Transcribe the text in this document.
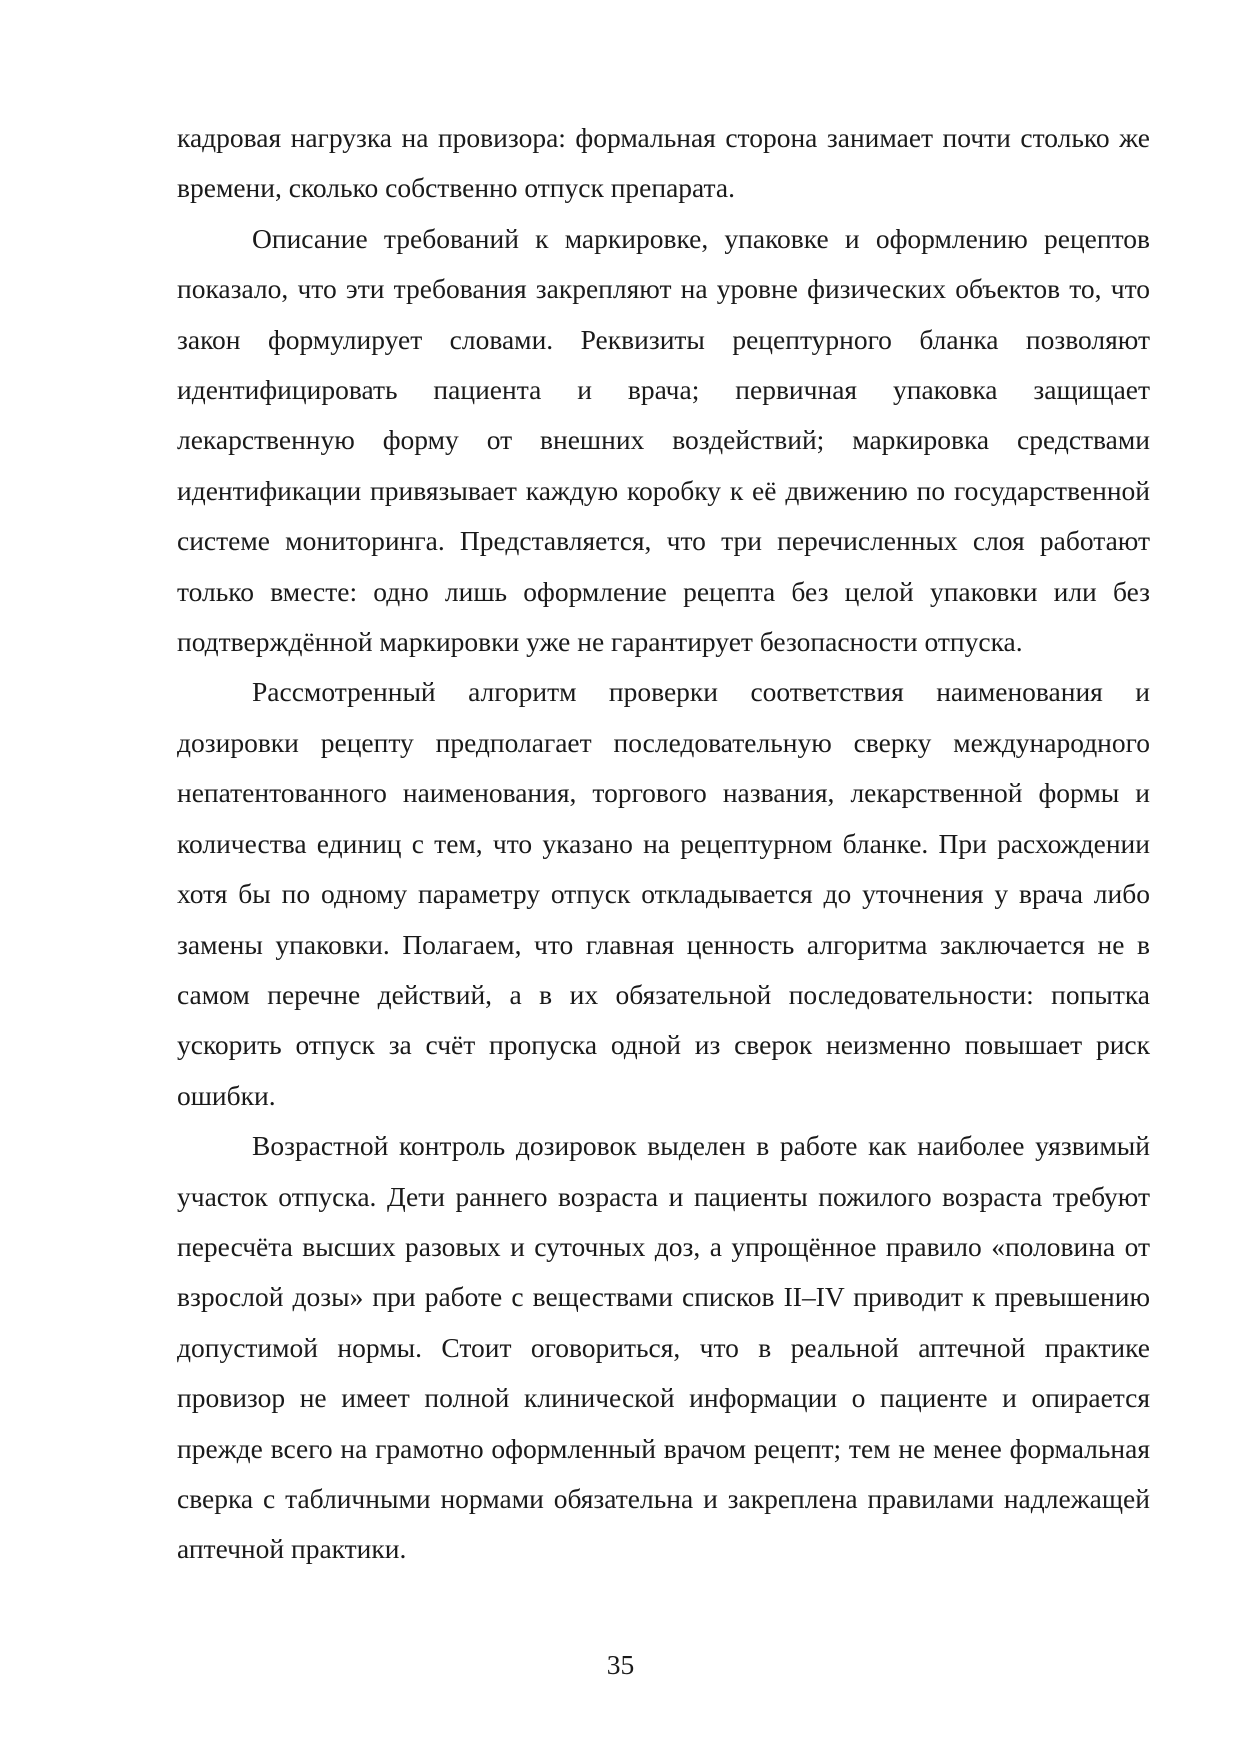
кадровая нагрузка на провизора: формальная сторона занимает почти столько же времени, сколько собственно отпуск препарата.

Описание требований к маркировке, упаковке и оформлению рецептов показало, что эти требования закрепляют на уровне физических объектов то, что закон формулирует словами. Реквизиты рецептурного бланка позволяют идентифицировать пациента и врача; первичная упаковка защищает лекарственную форму от внешних воздействий; маркировка средствами идентификации привязывает каждую коробку к её движению по государственной системе мониторинга. Представляется, что три перечисленных слоя работают только вместе: одно лишь оформление рецепта без целой упаковки или без подтверждённой маркировки уже не гарантирует безопасности отпуска.

Рассмотренный алгоритм проверки соответствия наименования и дозировки рецепту предполагает последовательную сверку международного непатентованного наименования, торгового названия, лекарственной формы и количества единиц с тем, что указано на рецептурном бланке. При расхождении хотя бы по одному параметру отпуск откладывается до уточнения у врача либо замены упаковки. Полагаем, что главная ценность алгоритма заключается не в самом перечне действий, а в их обязательной последовательности: попытка ускорить отпуск за счёт пропуска одной из сверок неизменно повышает риск ошибки.

Возрастной контроль дозировок выделен в работе как наиболее уязвимый участок отпуска. Дети раннего возраста и пациенты пожилого возраста требуют пересчёта высших разовых и суточных доз, а упрощённое правило «половина от взрослой дозы» при работе с веществами списков II–IV приводит к превышению допустимой нормы. Стоит оговориться, что в реальной аптечной практике провизор не имеет полной клинической информации о пациенте и опирается прежде всего на грамотно оформленный врачом рецепт; тем не менее формальная сверка с табличными нормами обязательна и закреплена правилами надлежащей аптечной практики.

35
